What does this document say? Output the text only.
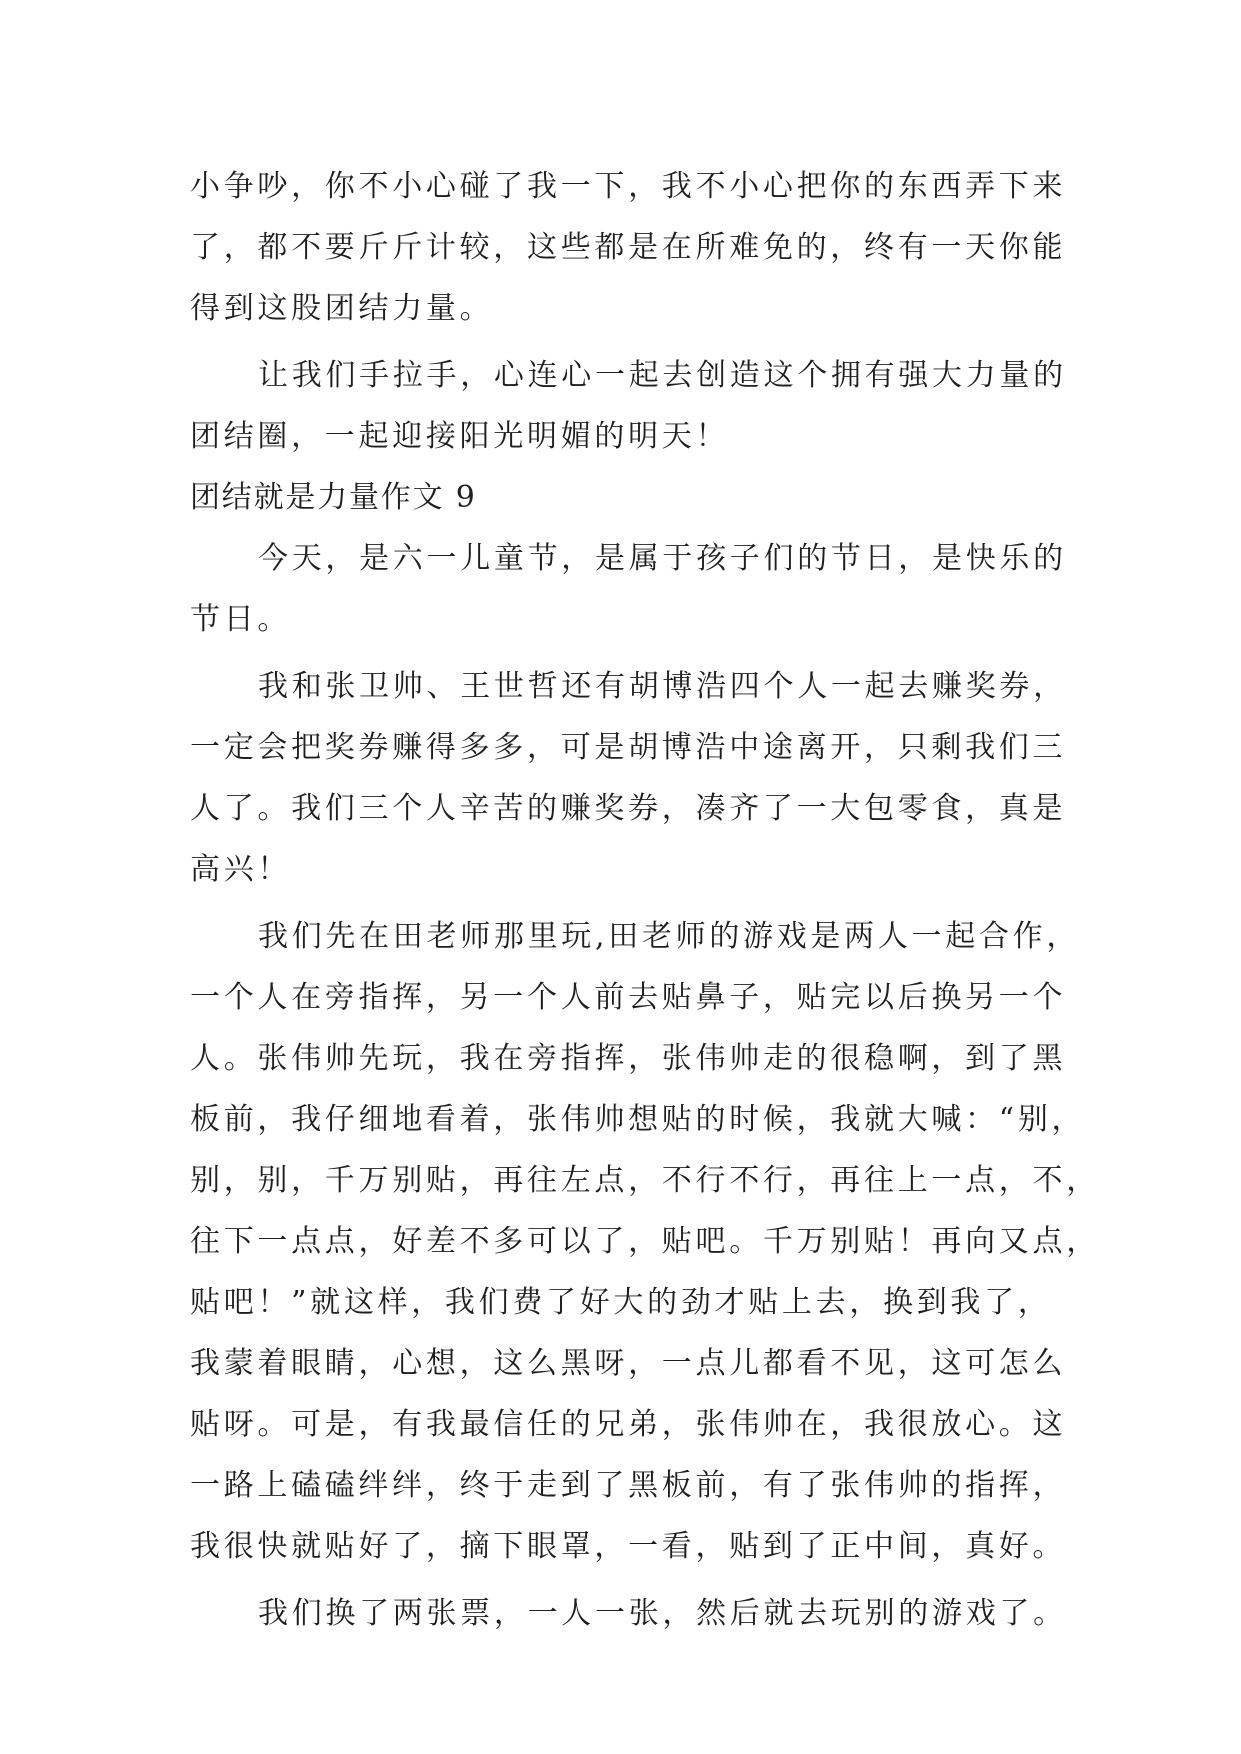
小争吵，你不小心碰了我一下，我不小心把你的东西弄下来
了，都不要斤斤计较，这些都是在所难免的，终有一天你能
得到这股团结力量。
让我们手拉手，心连心一起去创造这个拥有强大力量的
团结圈，一起迎接阳光明媚的明天！
团结就是力量作文 9
今天，是六一儿童节，是属于孩子们的节日，是快乐的
节日。
我和张卫帅、王世哲还有胡博浩四个人一起去赚奖券，
一定会把奖券赚得多多，可是胡博浩中途离开，只剩我们三
人了。我们三个人辛苦的赚奖券，凑齐了一大包零食，真是
高兴！
我们先在田老师那里玩,田老师的游戏是两人一起合作，
一个人在旁指挥，另一个人前去贴鼻子，贴完以后换另一个
人。张伟帅先玩，我在旁指挥，张伟帅走的很稳啊，到了黑
板前，我仔细地看着，张伟帅想贴的时候，我就大喊：“别，
别，别，千万别贴，再往左点，不行不行，再往上一点，不，
往下一点点，好差不多可以了，贴吧。千万别贴！再向又点，
贴吧！”就这样，我们费了好大的劲才贴上去，换到我了，
我蒙着眼睛，心想，这么黑呀，一点儿都看不见，这可怎么
贴呀。可是，有我最信任的兄弟，张伟帅在，我很放心。这
一路上磕磕绊绊，终于走到了黑板前，有了张伟帅的指挥，
我很快就贴好了，摘下眼罩，一看，贴到了正中间，真好。
我们换了两张票，一人一张，然后就去玩别的游戏了。
